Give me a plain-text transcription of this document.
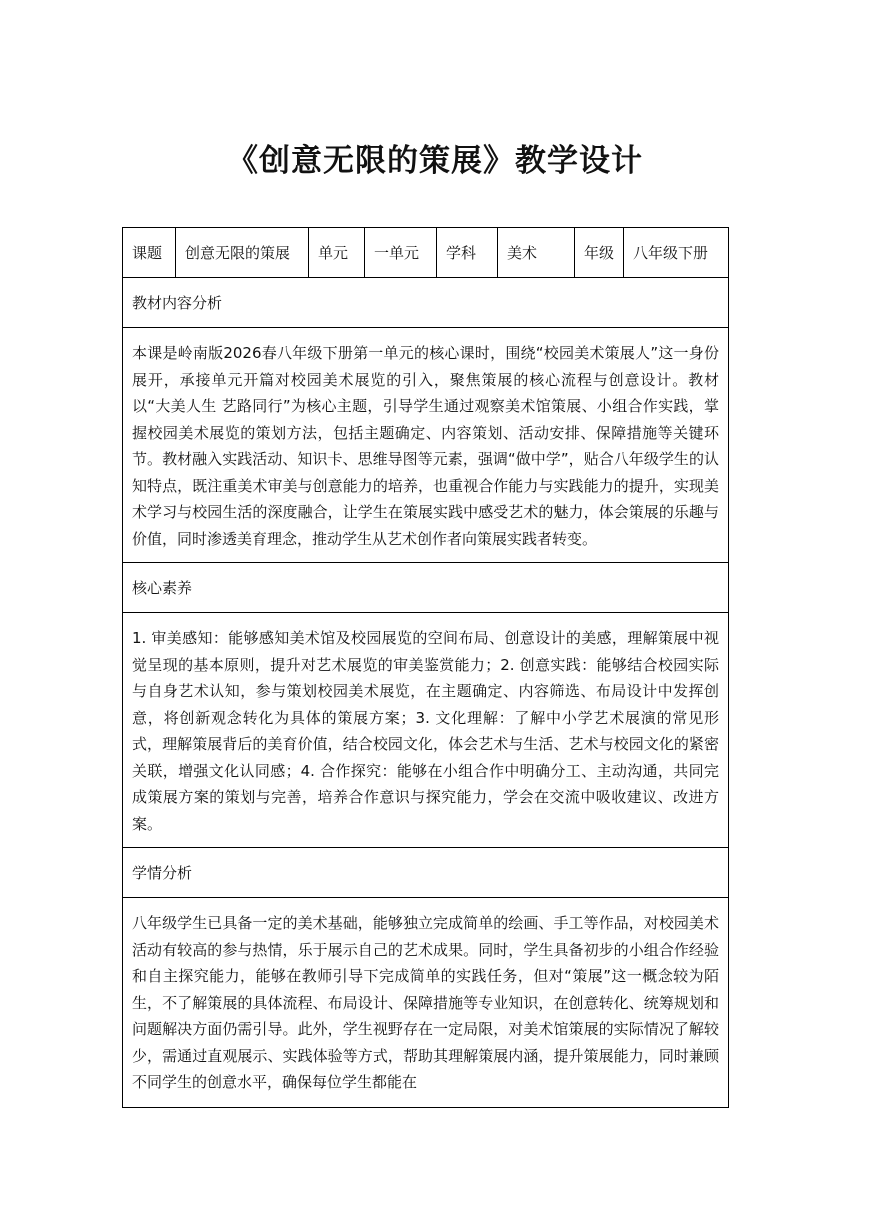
《创意无限的策展》教学设计
课题	创意无限的策展	单元	一单元	学科	美术	年级	八年级下册
教材内容分析
本课是岭南版2026春八年级下册第一单元的核心课时，围绕“校园美术策展人”这一身份展开，承接单元开篇对校园美术展览的引入，聚焦策展的核心流程与创意设计。教材以“大美人生 艺路同行”为核心主题，引导学生通过观察美术馆策展、小组合作实践，掌握校园美术展览的策划方法，包括主题确定、内容策划、活动安排、保障措施等关键环节。教材融入实践活动、知识卡、思维导图等元素，强调“做中学”，贴合八年级学生的认知特点，既注重美术审美与创意能力的培养，也重视合作能力与实践能力的提升，实现美术学习与校园生活的深度融合，让学生在策展实践中感受艺术的魅力，体会策展的乐趣与价值，同时渗透美育理念，推动学生从艺术创作者向策展实践者转变。
核心素养
1. 审美感知：能够感知美术馆及校园展览的空间布局、创意设计的美感，理解策展中视觉呈现的基本原则，提升对艺术展览的审美鉴赏能力；2. 创意实践：能够结合校园实际与自身艺术认知，参与策划校园美术展览，在主题确定、内容筛选、布局设计中发挥创意，将创新观念转化为具体的策展方案；3. 文化理解：了解中小学艺术展演的常见形式，理解策展背后的美育价值，结合校园文化，体会艺术与生活、艺术与校园文化的紧密关联，增强文化认同感；4. 合作探究：能够在小组合作中明确分工、主动沟通，共同完成策展方案的策划与完善，培养合作意识与探究能力，学会在交流中吸收建议、改进方案。
学情分析

八年级学生已具备一定的美术基础，能够独立完成简单的绘画、手工等作品，对校园美术活动有较高的参与热情，乐于展示自己的艺术成果。同时，学生具备初步的小组合作经验和自主探究能力，能够在教师引导下完成简单的实践任务，但对“策展”这一概念较为陌生，不了解策展的具体流程、布局设计、保障措施等专业知识，在创意转化、统筹规划和问题解决方面仍需引导。此外，学生视野存在一定局限，对美术馆策展的实际情况了解较少，需通过直观展示、实践体验等方式，帮助其理解策展内涵，提升策展能力，同时兼顾不同学生的创意水平，确保每位学生都能在
